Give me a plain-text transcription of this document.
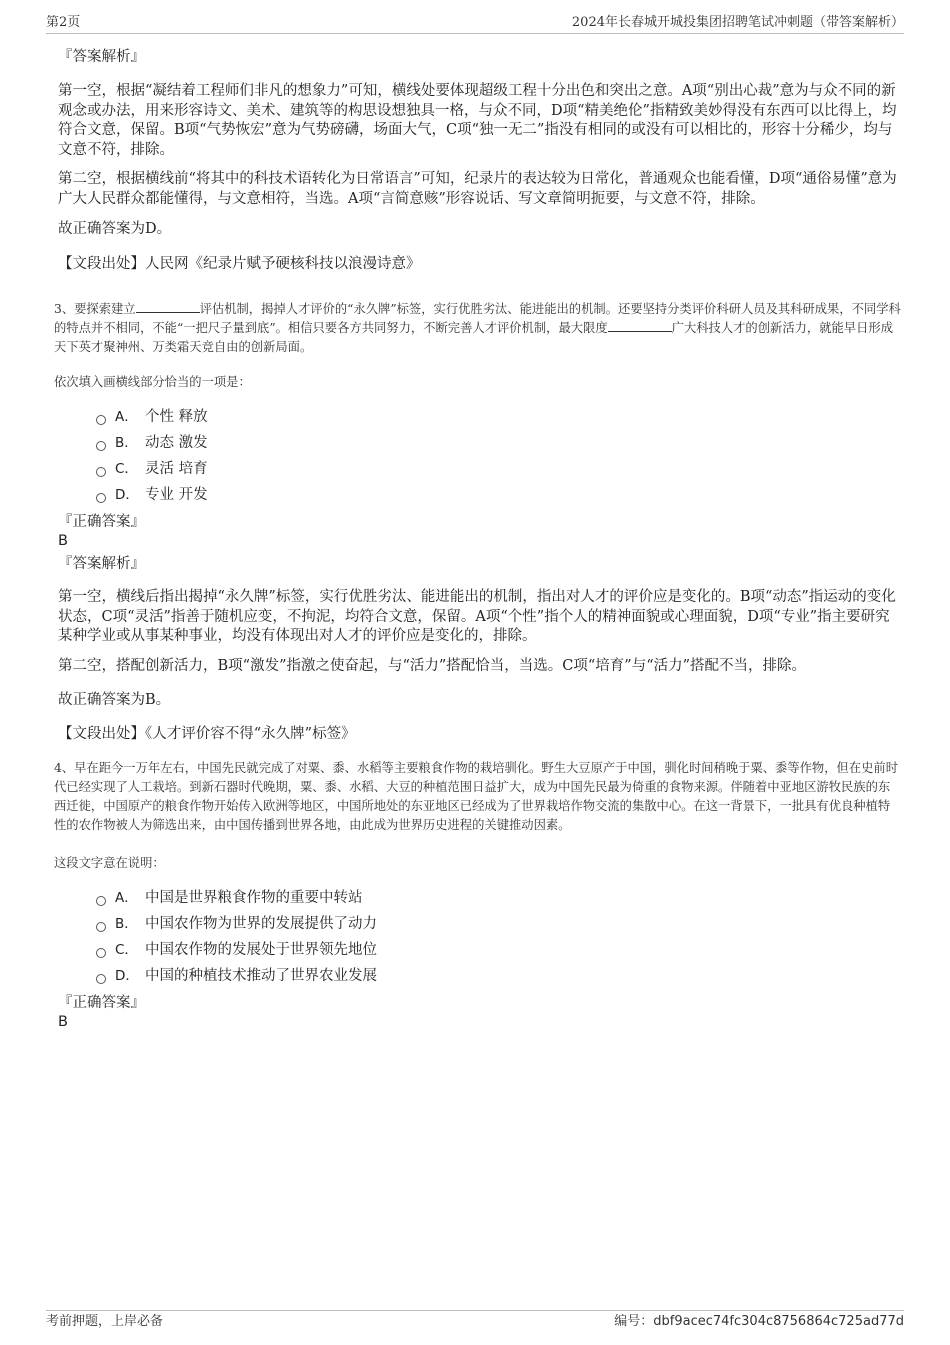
第2页	2024年长春城开城投集团招聘笔试冲刺题（带答案解析）

『答案解析』

第一空，根据“凝结着工程师们非凡的想象力”可知，横线处要体现超级工程十分出色和突出之意。A项“别出心裁”意为与众不同的新观念或办法，用来形容诗文、美术、建筑等的构思设想独具一格，与众不同，D项“精美绝伦”指精致美妙得没有东西可以比得上，均符合文意，保留。B项“气势恢宏”意为气势磅礴，场面大气，C项“独一无二”指没有相同的或没有可以相比的，形容十分稀少，均与文意不符，排除。

第二空，根据横线前“将其中的科技术语转化为日常语言”可知，纪录片的表达较为日常化，普通观众也能看懂，D项“通俗易懂”意为广大人民群众都能懂得，与文意相符，当选。A项“言简意赅”形容说话、写文章简明扼要，与文意不符，排除。

故正确答案为D。

【文段出处】人民网《纪录片赋予硬核科技以浪漫诗意》

3、要探索建立	评估机制，揭掉人才评价的“永久牌”标签，实行优胜劣汰、能进能出的机制。还要坚持分类评价科研人员及其科研成果，不同学科的特点并不相同，不能“一把尺子量到底”。相信只要各方共同努力，不断完善人才评价机制，最大限度	广大科技人才的创新活力，就能早日形成天下英才聚神州、万类霜天竞自由的创新局面。

依次填入画横线部分恰当的一项是：

A． 个性 释放
B． 动态 激发
C． 灵活 培育
D． 专业 开发

『正确答案』

B

『答案解析』

第一空，横线后指出揭掉“永久牌”标签，实行优胜劣汰、能进能出的机制，指出对人才的评价应是变化的。B项“动态”指运动的变化状态，C项“灵活”指善于随机应变，不拘泥，均符合文意，保留。A项“个性”指个人的精神面貌或心理面貌，D项“专业”指主要研究某种学业或从事某种事业，均没有体现出对人才的评价应是变化的，排除。

第二空，搭配创新活力，B项“激发”指激之使奋起，与“活力”搭配恰当，当选。C项“培育”与“活力”搭配不当，排除。

故正确答案为B。

【文段出处】《人才评价容不得“永久牌”标签》

4、早在距今一万年左右，中国先民就完成了对粟、黍、水稻等主要粮食作物的栽培驯化。野生大豆原产于中国，驯化时间稍晚于粟、黍等作物，但在史前时代已经实现了人工栽培。到新石器时代晚期，粟、黍、水稻、大豆的种植范围日益扩大，成为中国先民最为倚重的食物来源。伴随着中亚地区游牧民族的东西迁徙，中国原产的粮食作物开始传入欧洲等地区，中国所地处的东亚地区已经成为了世界栽培作物交流的集散中心。在这一背景下，一批具有优良种植特性的农作物被人为筛选出来，由中国传播到世界各地，由此成为世界历史进程的关键推动因素。

这段文字意在说明：

A． 中国是世界粮食作物的重要中转站
B． 中国农作物为世界的发展提供了动力
C． 中国农作物的发展处于世界领先地位
D． 中国的种植技术推动了世界农业发展

『正确答案』

B

考前押题，上岸必备	编号：dbf9acec74fc304c8756864c725ad77d
